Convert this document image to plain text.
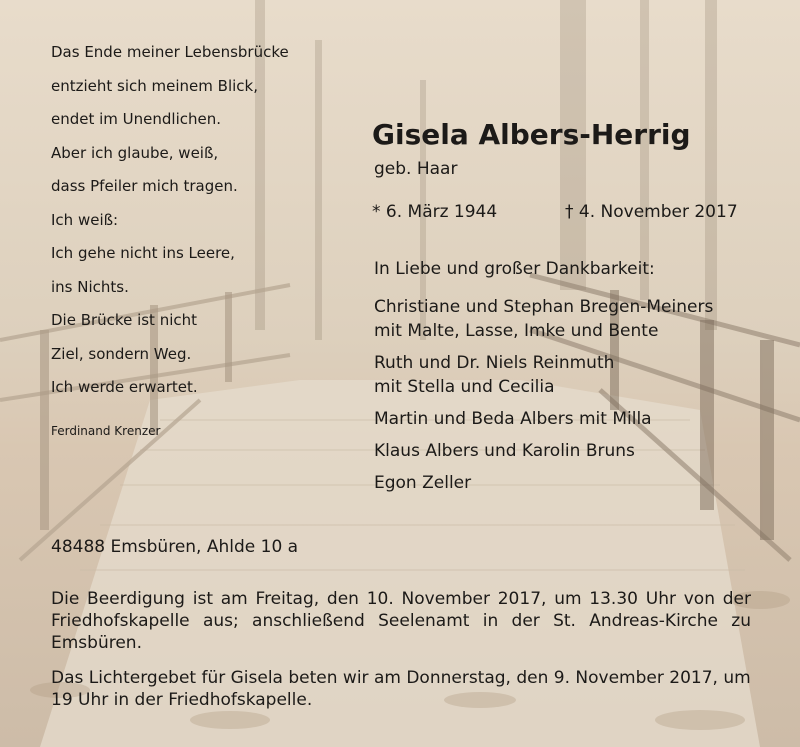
Das Ende meiner Lebensbrücke
entzieht sich meinem Blick,
endet im Unendlichen.
Aber ich glaube, weiß,
dass Pfeiler mich tragen.
Ich weiß:
Ich gehe nicht ins Leere,
ins Nichts.
Die Brücke ist nicht
Ziel, sondern Weg.
Ich werde erwartet.
Ferdinand Krenzer
Gisela Albers-Herrig
geb. Haar
* 6. März 1944	† 4. November 2017
In Liebe und großer Dankbarkeit:
Christiane und Stephan Bregen-Meiners
mit Malte, Lasse, Imke und Bente
Ruth und Dr. Niels Reinmuth
mit Stella und Cecilia
Martin und Beda Albers mit Milla
Klaus Albers und Karolin Bruns
Egon Zeller
48488 Emsbüren, Ahlde 10 a
Die Beerdigung ist am Freitag, den 10. November 2017, um 13.30 Uhr von der Friedhofskapelle aus; anschließend Seelenamt in der St. Andreas-Kirche zu Emsbüren.
Das Lichtergebet für Gisela beten wir am Donnerstag, den 9. November 2017, um 19 Uhr in der Friedhofskapelle.
